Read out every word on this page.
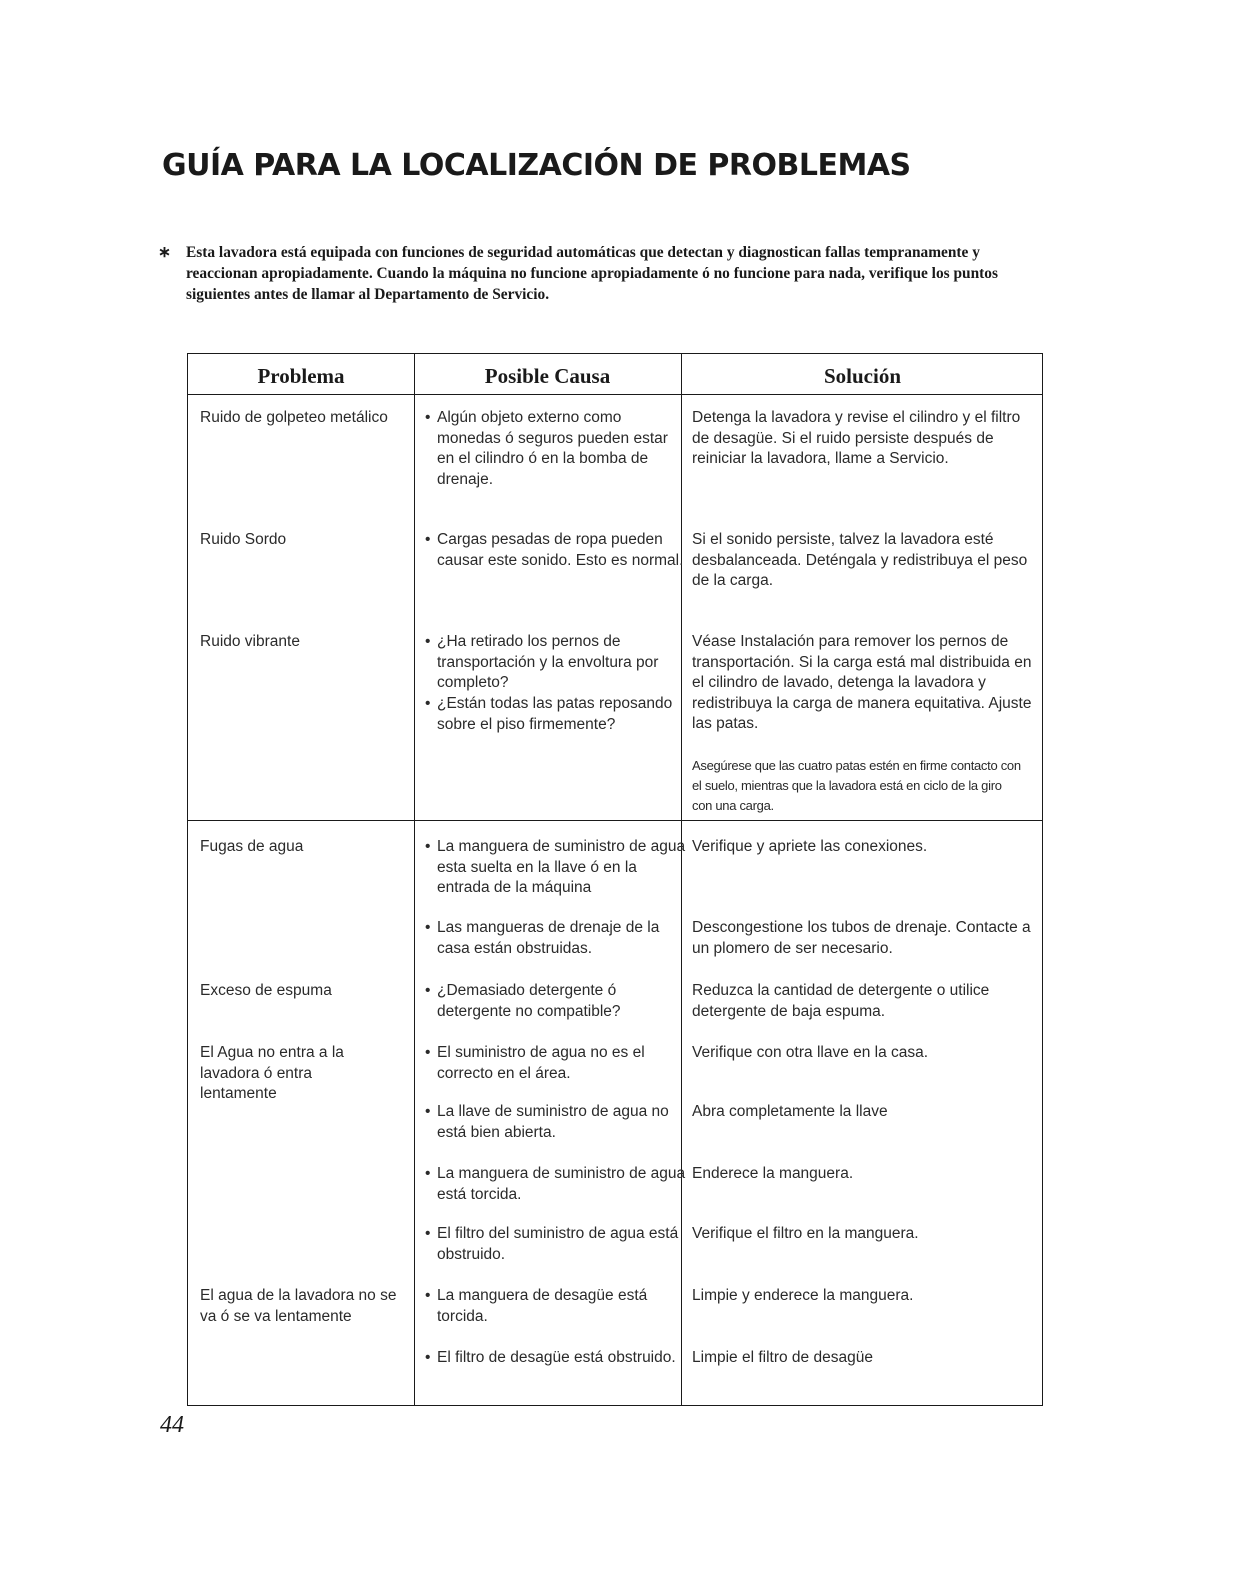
GUÍA PARA LA LOCALIZACIÓN DE PROBLEMAS
∗ Esta lavadora está equipada con funciones de seguridad automáticas que detectan y diagnostican fallas tempranamente y reaccionan apropiadamente. Cuando la máquina no funcione apropiadamente ó no funcione para nada, verifique los puntos siguientes antes de llamar al Departamento de Servicio.
Problema	Posible Causa	Solución
Ruido de golpeteo metálico
Ruido Sordo
Ruido vibrante
Fugas de agua
Exceso de espuma
El Agua no entra a la lavadora ó entra lentamente
El agua de la lavadora no se va ó se va lentamente
• Algún objeto externo como monedas ó seguros pueden estar en el cilindro ó en la bomba de drenaje.
• Cargas pesadas de ropa pueden causar este sonido. Esto es normal.
• ¿Ha retirado los pernos de transportación y la envoltura por completo?
• ¿Están todas las patas reposando sobre el piso firmemente?
• La manguera de suministro de agua esta suelta en la llave ó en la entrada de la máquina
• Las mangueras de drenaje de la casa están obstruidas.
• ¿Demasiado detergente ó detergente no compatible?
• El suministro de agua no es el correcto en el área.
• La llave de suministro de agua no está bien abierta.
• La manguera de suministro de agua está torcida.
• El filtro del suministro de agua está obstruido.
• La manguera de desagüe está torcida.
• El filtro de desagüe está obstruido.
Detenga la lavadora y revise el cilindro y el filtro de desagüe. Si el ruido persiste después de reiniciar la lavadora, llame a Servicio.
Si el sonido persiste, talvez la lavadora esté desbalanceada. Deténgala y redistribuya el peso de la carga.
Véase Instalación para remover los pernos de transportación. Si la carga está mal distribuida en el cilindro de lavado, detenga la lavadora y redistribuya la carga de manera equitativa. Ajuste las patas.
Asegúrese que las cuatro patas estén en firme contacto con el suelo, mientras que la lavadora está en ciclo de la giro con una carga.
Verifique y apriete las conexiones.
Descongestione los tubos de drenaje. Contacte a un plomero de ser necesario.
Reduzca la cantidad de detergente o utilice detergente de baja espuma.
Verifique con otra llave en la casa.
Abra completamente la llave
Enderece la manguera.
Verifique el filtro en la manguera.
Limpie y enderece la manguera.
Limpie el filtro de desagüe
44
